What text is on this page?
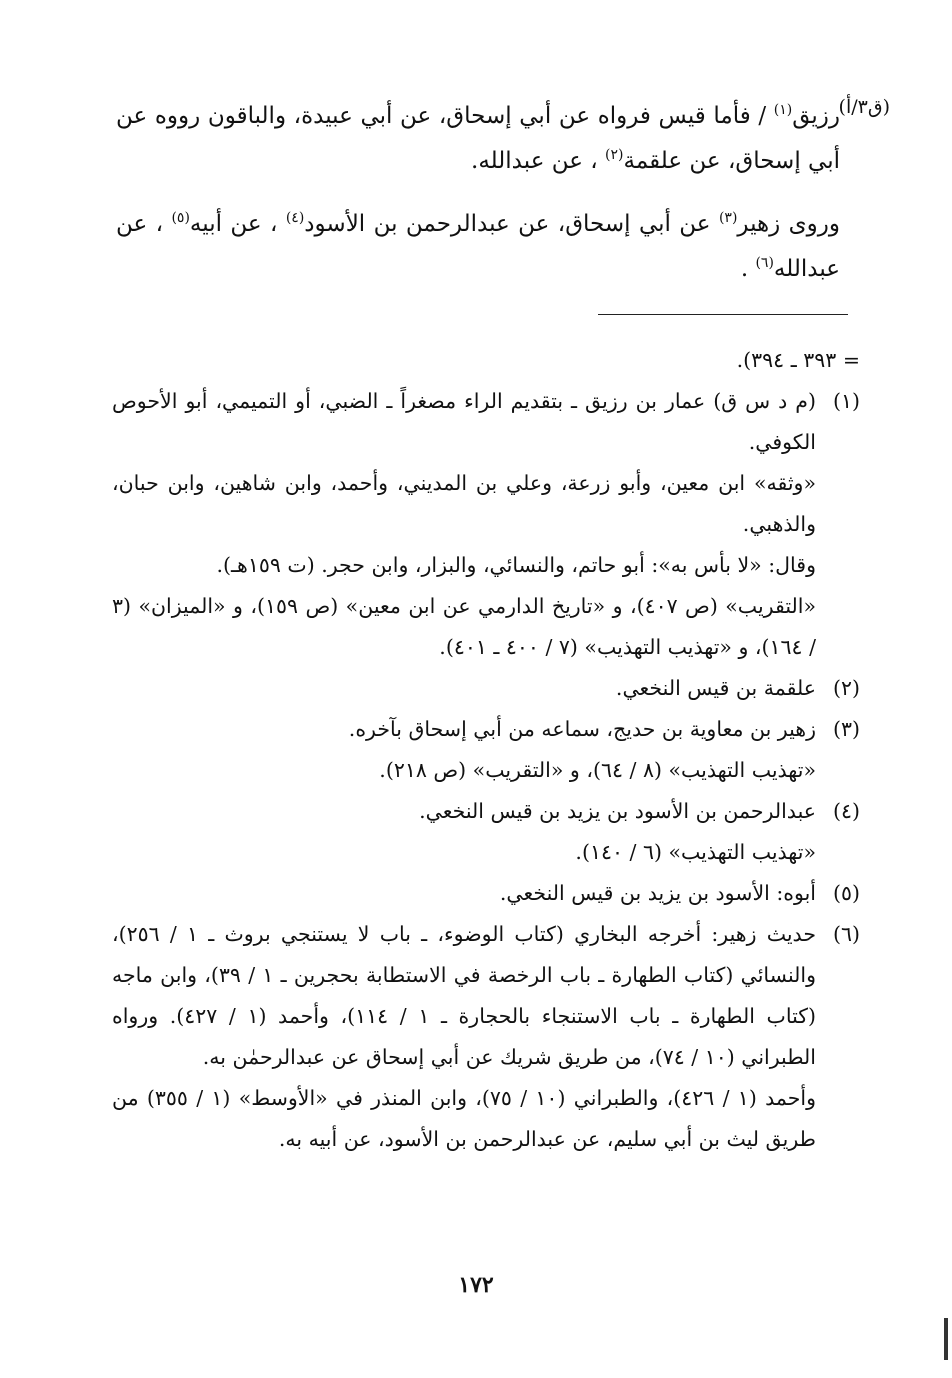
(ق٣/أ)

رزيق$^{(١)}$ / فأما قيس فرواه عن أبي إسحاق، عن أبي عبيدة، والباقون رووه عن أبي إسحاق، عن علقمة$^{(٢)}$ ، عن عبدالله.

وروى زهير$^{(٣)}$ عن أبي إسحاق، عن عبدالرحمن بن الأسود$^{(٤)}$ ، عن أبيه$^{(٥)}$ ، عن عبدالله$^{(٦)}$ .

= ٣٩٣ ـ ٣٩٤).
(١)

(م د س ق) عمار بن رزيق ـ بتقديم الراء مصغراً ـ الضبي، أو التميمي، أبو الأحوص الكوفي.

«وثقه» ابن معين، وأبو زرعة، وعلي بن المديني، وأحمد، وابن شاهين، وابن حبان، والذهبي.

وقال: «لا بأس به»: أبو حاتم، والنسائي، والبزار، وابن حجر. (ت ١٥٩هـ).

«التقريب» (ص ٤٠٧)، و «تاريخ الدارمي عن ابن معين» (ص ١٥٩)، و «الميزان» (٣ / ١٦٤)، و «تهذيب التهذيب» (٧ / ٤٠٠ ـ ٤٠١).

(٢)

علقمة بن قيس النخعي.

(٣)

زهير بن معاوية بن حديج، سماعه من أبي إسحاق بآخره.

«تهذيب التهذيب» (٨ / ٦٤)، و «التقريب» (ص ٢١٨).

(٤)

عبدالرحمن بن الأسود بن يزيد بن قيس النخعي.

«تهذيب التهذيب» (٦ / ١٤٠).

(٥)

أبوه: الأسود بن يزيد بن قيس النخعي.

(٦)

حديث زهير: أخرجه البخاري (كتاب الوضوء، ـ باب لا يستنجي بروث ـ ١ / ٢٥٦)، والنسائي (كتاب الطهارة ـ باب الرخصة في الاستطابة بحجرين ـ ١ / ٣٩)، وابن ماجه (كتاب الطهارة ـ باب الاستنجاء بالحجارة ـ ١ / ١١٤)، وأحمد (١ / ٤٢٧). ورواه الطبراني (١٠ / ٧٤)، من طريق شريك عن أبي إسحاق عن عبدالرحمٰن به.

وأحمد (١ / ٤٢٦)، والطبراني (١٠ / ٧٥)، وابن المنذر في «الأوسط» (١ / ٣٥٥) من طريق ليث بن أبي سليم، عن عبدالرحمن بن الأسود، عن أبيه به.

١٧٢
